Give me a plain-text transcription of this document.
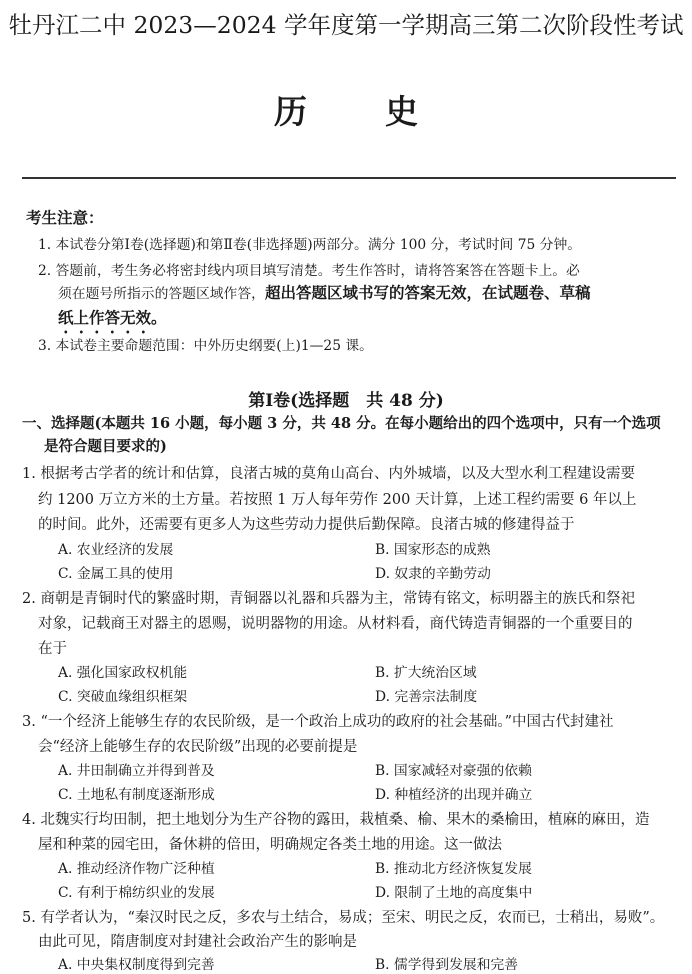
牡丹江二中 2023—2024 学年度第一学期高三第二次阶段性考试
历 史
考生注意：
1. 本试卷分第Ⅰ卷(选择题)和第Ⅱ卷(非选择题)两部分。满分 100 分，考试时间 75 分钟。
2. 答题前，考生务必将密封线内项目填写清楚。考生作答时，请将答案答在答题卡上。必
须在题号所指示的答题区域作答，超出答题区域书写的答案无效，在试题卷、草稿
纸上作答无效。
3. 本试卷主要命题范围：中外历史纲要(上)1—25 课。
第Ⅰ卷(选择题　共 48 分)
一、选择题(本题共 16 小题，每小题 3 分，共 48 分。在每小题给出的四个选项中，只有一个选项
是符合题目要求的)
1. 根据考古学者的统计和估算，良渚古城的莫角山高台、内外城墙，以及大型水利工程建设需要
约 1200 万立方米的土方量。若按照 1 万人每年劳作 200 天计算，上述工程约需要 6 年以上
的时间。此外，还需要有更多人为这些劳动力提供后勤保障。良渚古城的修建得益于
A. 农业经济的发展	B. 国家形态的成熟
C. 金属工具的使用	D. 奴隶的辛勤劳动
2. 商朝是青铜时代的繁盛时期，青铜器以礼器和兵器为主，常铸有铭文，标明器主的族氏和祭祀
对象，记载商王对器主的恩赐，说明器物的用途。从材料看，商代铸造青铜器的一个重要目的
在于
A. 强化国家政权机能	B. 扩大统治区域
C. 突破血缘组织框架	D. 完善宗法制度
3. “一个经济上能够生存的农民阶级，是一个政治上成功的政府的社会基础。”中国古代封建社
会“经济上能够生存的农民阶级”出现的必要前提是
A. 井田制确立并得到普及	B. 国家减轻对豪强的依赖
C. 土地私有制度逐渐形成	D. 种植经济的出现并确立
4. 北魏实行均田制，把土地划分为生产谷物的露田，栽植桑、榆、果木的桑榆田，植麻的麻田，造
屋和种菜的园宅田，备休耕的倍田，明确规定各类土地的用途。这一做法
A. 推动经济作物广泛种植	B. 推动北方经济恢复发展
C. 有利于棉纺织业的发展	D. 限制了土地的高度集中
5. 有学者认为，“秦汉时民之反，多农与土结合，易成；至宋、明民之反，农而已，士稍出，易败”。
由此可见，隋唐制度对封建社会政治产生的影响是
A. 中央集权制度得到完善	B. 儒学得到发展和完善
